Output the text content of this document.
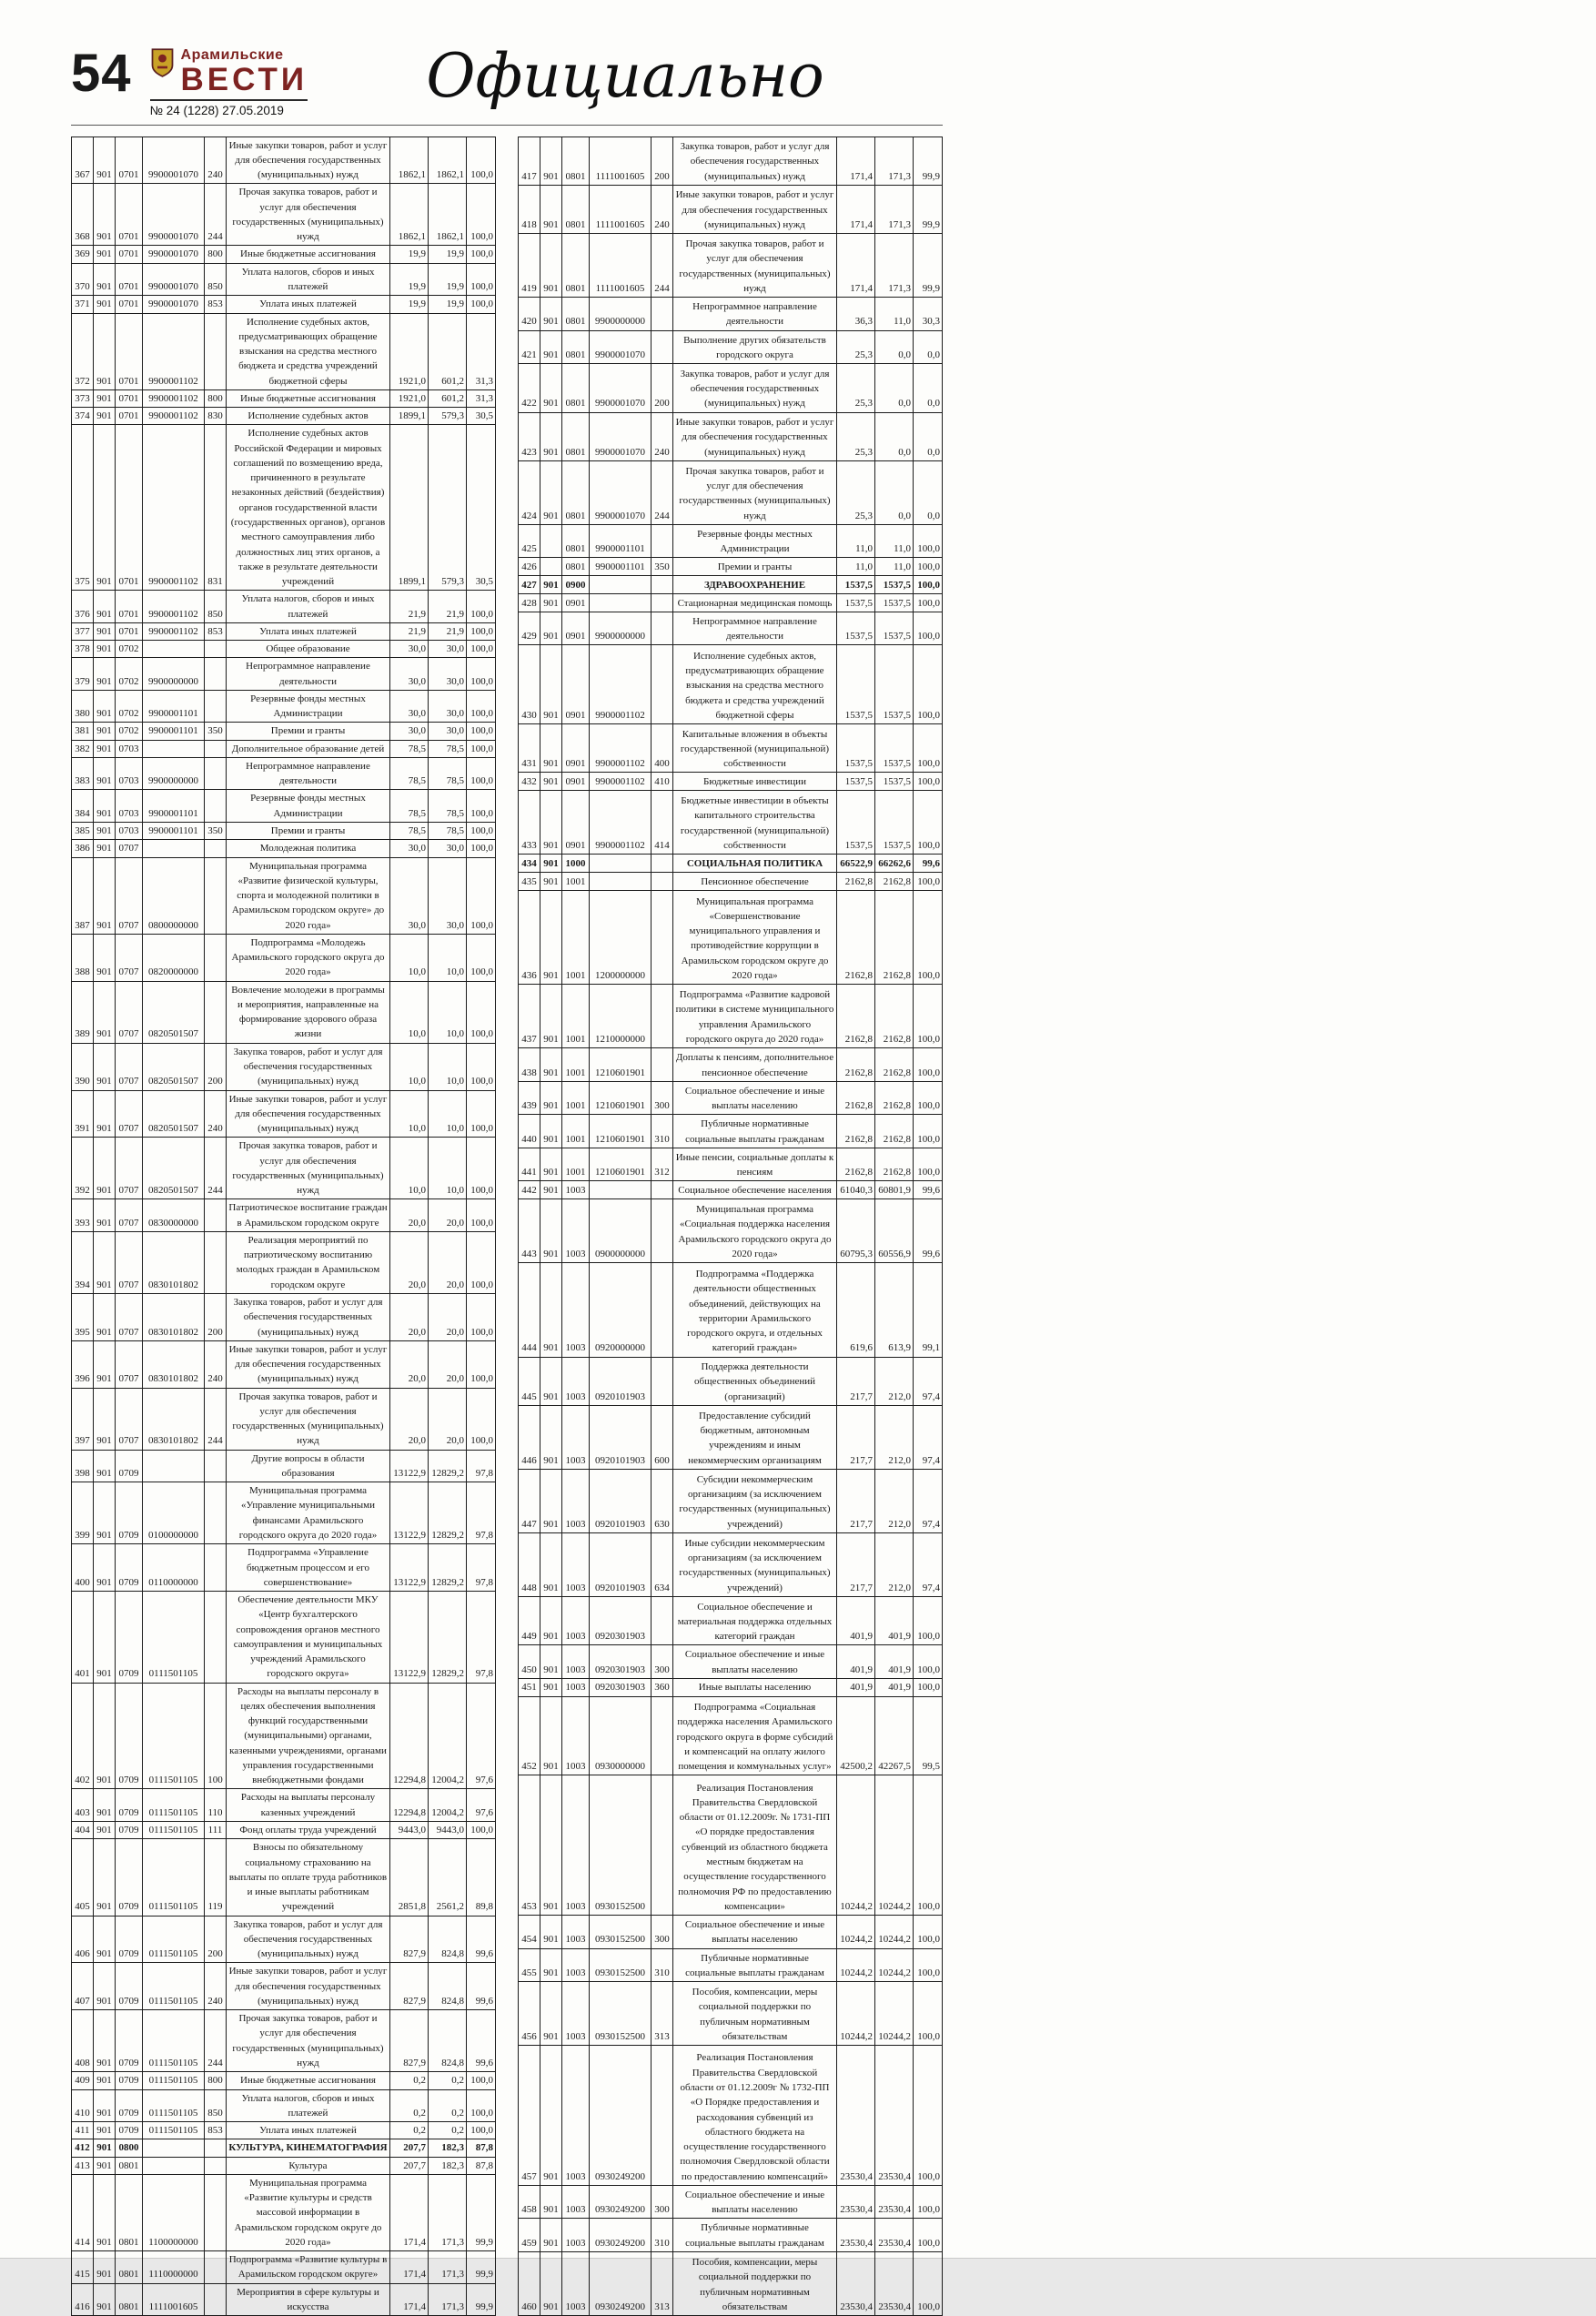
54	Арамильские
ВЕСТИ
№ 24 (1228) 27.05.2019	Официально
367	901	0701	9900001070	240	Иные закупки товаров, работ и услуг для обеспечения государственных (муниципальных) нужд	1862,1	1862,1	100,0
368	901	0701	9900001070	244	Прочая закупка товаров, работ и услуг для обеспечения государственных (муниципальных) нужд	1862,1	1862,1	100,0
369	901	0701	9900001070	800	Иные бюджетные ассигнования	19,9	19,9	100,0
370	901	0701	9900001070	850	Уплата налогов, сборов и иных платежей	19,9	19,9	100,0
371	901	0701	9900001070	853	Уплата иных платежей	19,9	19,9	100,0
372	901	0701	9900001102		Исполнение судебных актов, предусматривающих обращение взыскания на средства местного бюджета и средства учреждений бюджетной сферы	1921,0	601,2	31,3
373	901	0701	9900001102	800	Иные бюджетные ассигнования	1921,0	601,2	31,3
374	901	0701	9900001102	830	Исполнение судебных актов	1899,1	579,3	30,5
375	901	0701	9900001102	831	Исполнение судебных актов Российской Федерации и мировых соглашений по возмещению вреда, причиненного в результате незаконных действий (бездействия) органов государственной власти (государственных органов), органов местного самоуправления либо должностных лиц этих органов, а также в результате деятельности учреждений	1899,1	579,3	30,5
376	901	0701	9900001102	850	Уплата налогов, сборов и иных платежей	21,9	21,9	100,0
377	901	0701	9900001102	853	Уплата иных платежей	21,9	21,9	100,0
378	901	0702			Общее образование	30,0	30,0	100,0
379	901	0702	9900000000		Непрограммное направление деятельности	30,0	30,0	100,0
380	901	0702	9900001101		Резервные фонды местных Администрации	30,0	30,0	100,0
381	901	0702	9900001101	350	Премии и гранты	30,0	30,0	100,0
382	901	0703			Дополнительное образование детей	78,5	78,5	100,0
383	901	0703	9900000000		Непрограммное направление деятельности	78,5	78,5	100,0
384	901	0703	9900001101		Резервные фонды местных Администрации	78,5	78,5	100,0
385	901	0703	9900001101	350	Премии и гранты	78,5	78,5	100,0
386	901	0707			Молодежная политика	30,0	30,0	100,0
387	901	0707	0800000000		Муниципальная программа «Развитие физической культуры, спорта и молодежной политики в Арамильском городском округе» до 2020 года»	30,0	30,0	100,0
388	901	0707	0820000000		Подпрограмма «Молодежь Арамильского городского округа до 2020 года»	10,0	10,0	100,0
389	901	0707	0820501507		Вовлечение молодежи в программы и мероприятия, направленные на формирование здорового образа жизни	10,0	10,0	100,0
390	901	0707	0820501507	200	Закупка товаров, работ и услуг для обеспечения государственных (муниципальных) нужд	10,0	10,0	100,0
391	901	0707	0820501507	240	Иные закупки товаров, работ и услуг для обеспечения государственных (муниципальных) нужд	10,0	10,0	100,0
392	901	0707	0820501507	244	Прочая закупка товаров, работ и услуг для обеспечения государственных (муниципальных) нужд	10,0	10,0	100,0
393	901	0707	0830000000		Патриотическое воспитание граждан в Арамильском городском округе	20,0	20,0	100,0
394	901	0707	0830101802		Реализация мероприятий по патриотическому воспитанию молодых граждан в Арамильском городском округе	20,0	20,0	100,0
395	901	0707	0830101802	200	Закупка товаров, работ и услуг для обеспечения государственных (муниципальных) нужд	20,0	20,0	100,0
396	901	0707	0830101802	240	Иные закупки товаров, работ и услуг для обеспечения государственных (муниципальных) нужд	20,0	20,0	100,0
397	901	0707	0830101802	244	Прочая закупка товаров, работ и услуг для обеспечения государственных (муниципальных) нужд	20,0	20,0	100,0
398	901	0709			Другие вопросы в области образования	13122,9	12829,2	97,8
399	901	0709	0100000000		Муниципальная программа «Управление муниципальными финансами Арамильского городского округа до 2020 года»	13122,9	12829,2	97,8
400	901	0709	0110000000		Подпрограмма «Управление бюджетным процессом и его совершенствование»	13122,9	12829,2	97,8
401	901	0709	0111501105		Обеспечение деятельности МКУ «Центр бухгалтерского сопровождения органов местного самоуправления и муниципальных учреждений Арамильского городского округа»	13122,9	12829,2	97,8
402	901	0709	0111501105	100	Расходы на выплаты персоналу в целях обеспечения выполнения функций государственными (муниципальными) органами, казенными учреждениями, органами управления государственными внебюджетными фондами	12294,8	12004,2	97,6
403	901	0709	0111501105	110	Расходы на выплаты персоналу казенных учреждений	12294,8	12004,2	97,6
404	901	0709	0111501105	111	Фонд оплаты труда учреждений	9443,0	9443,0	100,0
405	901	0709	0111501105	119	Взносы по обязательному социальному страхованию на выплаты по оплате труда работников и иные выплаты работникам учреждений	2851,8	2561,2	89,8
406	901	0709	0111501105	200	Закупка товаров, работ и услуг для обеспечения государственных (муниципальных) нужд	827,9	824,8	99,6
407	901	0709	0111501105	240	Иные закупки товаров, работ и услуг для обеспечения государственных (муниципальных) нужд	827,9	824,8	99,6
408	901	0709	0111501105	244	Прочая закупка товаров, работ и услуг для обеспечения государственных (муниципальных) нужд	827,9	824,8	99,6
409	901	0709	0111501105	800	Иные бюджетные ассигнования	0,2	0,2	100,0
410	901	0709	0111501105	850	Уплата налогов, сборов и иных платежей	0,2	0,2	100,0
411	901	0709	0111501105	853	Уплата иных платежей	0,2	0,2	100,0
412	901	0800			КУЛЬТУРА, КИНЕМАТОГРАФИЯ	207,7	182,3	87,8
413	901	0801			Культура	207,7	182,3	87,8
414	901	0801	1100000000		Муниципальная программа «Развитие культуры и средств массовой информации в Арамильском городском округе до 2020 года»	171,4	171,3	99,9
415	901	0801	1110000000		Подпрограмма «Развитие культуры в Арамильском городском округе»	171,4	171,3	99,9
416	901	0801	1111001605		Мероприятия в сфере культуры и искусства	171,4	171,3	99,9
417	901	0801	1111001605	200	Закупка товаров, работ и услуг для обеспечения государственных (муниципальных) нужд	171,4	171,3	99,9
418	901	0801	1111001605	240	Иные закупки товаров, работ и услуг для обеспечения государственных (муниципальных) нужд	171,4	171,3	99,9
419	901	0801	1111001605	244	Прочая закупка товаров, работ и услуг для обеспечения государственных (муниципальных) нужд	171,4	171,3	99,9
420	901	0801	9900000000		Непрограммное направление деятельности	36,3	11,0	30,3
421	901	0801	9900001070		Выполнение других обязательств городского округа	25,3	0,0	0,0
422	901	0801	9900001070	200	Закупка товаров, работ и услуг для обеспечения государственных (муниципальных) нужд	25,3	0,0	0,0
423	901	0801	9900001070	240	Иные закупки товаров, работ и услуг для обеспечения государственных (муниципальных) нужд	25,3	0,0	0,0
424	901	0801	9900001070	244	Прочая закупка товаров, работ и услуг для обеспечения государственных (муниципальных) нужд	25,3	0,0	0,0
425		0801	9900001101		Резервные фонды местных Администрации	11,0	11,0	100,0
426		0801	9900001101	350	Премии и гранты	11,0	11,0	100,0
427	901	0900			ЗДРАВООХРАНЕНИЕ	1537,5	1537,5	100,0
428	901	0901			Стационарная медицинская помощь	1537,5	1537,5	100,0
429	901	0901	9900000000		Непрограммное направление деятельности	1537,5	1537,5	100,0
430	901	0901	9900001102		Исполнение судебных актов, предусматривающих обращение взыскания на средства местного бюджета и средства учреждений бюджетной сферы	1537,5	1537,5	100,0
431	901	0901	9900001102	400	Капитальные вложения в объекты государственной (муниципальной) собственности	1537,5	1537,5	100,0
432	901	0901	9900001102	410	Бюджетные инвестиции	1537,5	1537,5	100,0
433	901	0901	9900001102	414	Бюджетные инвестиции в объекты капитального строительства государственной (муниципальной) собственности	1537,5	1537,5	100,0
434	901	1000			СОЦИАЛЬНАЯ ПОЛИТИКА	66522,9	66262,6	99,6
435	901	1001			Пенсионное обеспечение	2162,8	2162,8	100,0
436	901	1001	1200000000		Муниципальная программа «Совершенствование муниципального управления и противодействие коррупции в Арамильском городском округе до 2020 года»	2162,8	2162,8	100,0
437	901	1001	1210000000		Подпрограмма «Развитие кадровой политики в системе муниципального управления Арамильского городского округа до 2020 года»	2162,8	2162,8	100,0
438	901	1001	1210601901		Доплаты к пенсиям, дополнительное пенсионное обеспечение	2162,8	2162,8	100,0
439	901	1001	1210601901	300	Социальное обеспечение и иные выплаты населению	2162,8	2162,8	100,0
440	901	1001	1210601901	310	Публичные нормативные социальные выплаты гражданам	2162,8	2162,8	100,0
441	901	1001	1210601901	312	Иные пенсии, социальные доплаты к пенсиям	2162,8	2162,8	100,0
442	901	1003			Социальное обеспечение населения	61040,3	60801,9	99,6
443	901	1003	0900000000		Муниципальная программа «Социальная поддержка населения Арамильского городского округа до 2020 года»	60795,3	60556,9	99,6
444	901	1003	0920000000		Подпрограмма «Поддержка деятельности общественных объединений, действующих на территории Арамильского городского округа, и отдельных категорий граждан»	619,6	613,9	99,1
445	901	1003	0920101903		Поддержка деятельности общественных объединений (организаций)	217,7	212,0	97,4
446	901	1003	0920101903	600	Предоставление субсидий бюджетным, автономным учреждениям и иным некоммерческим организациям	217,7	212,0	97,4
447	901	1003	0920101903	630	Субсидии некоммерческим организациям (за исключением государственных (муниципальных) учреждений)	217,7	212,0	97,4
448	901	1003	0920101903	634	Иные субсидии некоммерческим организациям (за исключением государственных (муниципальных) учреждений)	217,7	212,0	97,4
449	901	1003	0920301903		Социальное обеспечение и материальная поддержка отдельных категорий граждан	401,9	401,9	100,0
450	901	1003	0920301903	300	Социальное обеспечение и иные выплаты населению	401,9	401,9	100,0
451	901	1003	0920301903	360	Иные выплаты населению	401,9	401,9	100,0
452	901	1003	0930000000		Подпрограмма «Социальная поддержка населения Арамильского городского округа в форме субсидий и компенсаций на оплату жилого помещения и коммунальных услуг»	42500,2	42267,5	99,5
453	901	1003	0930152500		Реализация Постановления Правительства Свердловской области от 01.12.2009г. № 1731-ПП «О порядке предоставления субвенций из областного бюджета местным бюджетам на осуществление государственного полномочия РФ по предоставлению компенсации»	10244,2	10244,2	100,0
454	901	1003	0930152500	300	Социальное обеспечение и иные выплаты населению	10244,2	10244,2	100,0
455	901	1003	0930152500	310	Публичные нормативные социальные выплаты гражданам	10244,2	10244,2	100,0
456	901	1003	0930152500	313	Пособия, компенсации, меры социальной поддержки по публичным нормативным обязательствам	10244,2	10244,2	100,0
457	901	1003	0930249200		Реализация Постановления Правительства Свердловской области от 01.12.2009г № 1732-ПП «О Порядке предоставления и расходования субвенций из областного бюджета на осуществление государственного полномочия Свердловской области по предоставлению компенсаций»	23530,4	23530,4	100,0
458	901	1003	0930249200	300	Социальное обеспечение и иные выплаты населению	23530,4	23530,4	100,0
459	901	1003	0930249200	310	Публичные нормативные социальные выплаты гражданам	23530,4	23530,4	100,0
460	901	1003	0930249200	313	Пособия, компенсации, меры социальной поддержки по публичным нормативным обязательствам	23530,4	23530,4	100,0
